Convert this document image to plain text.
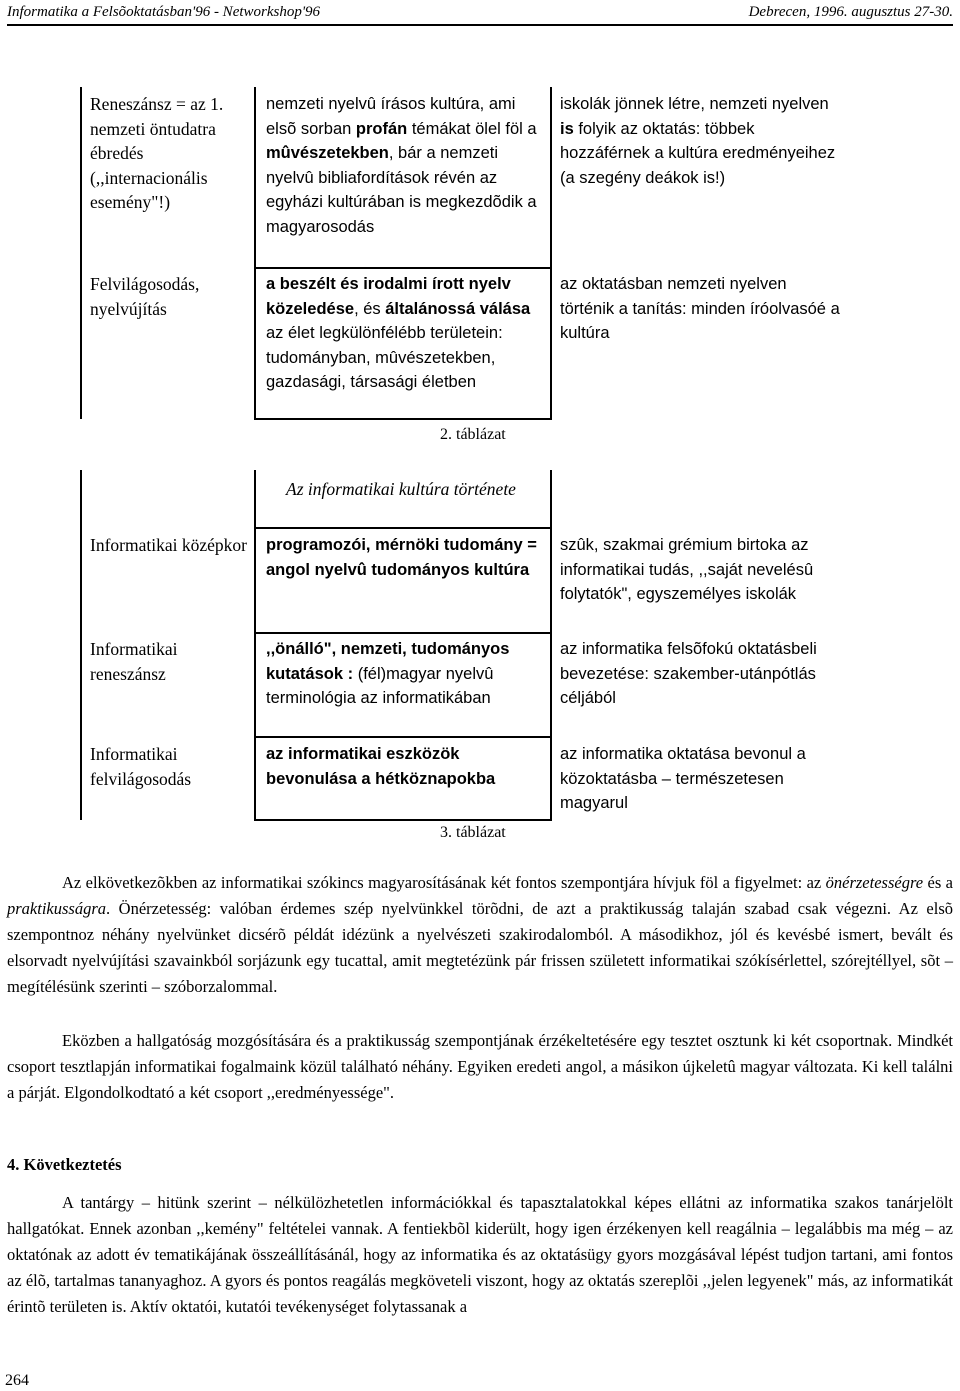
Informatika a Felsõoktatásban'96 - Networkshop'96	Debrecen, 1996. augusztus 27-30.
Reneszánsz = az 1. nemzeti öntudatra ébredés (,,internacionális esemény"!)
nemzeti nyelvû írásos kultúra, ami elsõ sorban profán témákat ölel föl a mûvészetekben, bár a nemzeti nyelvû bibliafordítások révén az egyházi kultúrában is megkezdõdik a magyarosodás
iskolák jönnek létre, nemzeti nyelven is folyik az oktatás: többek hozzáférnek a kultúra eredményeihez (a szegény deákok is!)
Felvilágosodás, nyelvújítás
a beszélt és irodalmi írott nyelv közeledése, és általánossá válása az élet legkülönfélébb területein: tudományban, mûvészetekben, gazdasági, társasági életben
az oktatásban nemzeti nyelven történik a tanítás: minden íróolvasóé a kultúra
2. táblázat
Az informatikai kultúra története
Informatikai középkor programozói, mérnöki tudomány = angol nyelvû tudományos kultúra
szûk, szakmai grémium birtoka az informatikai tudás, ,,saját nevelésû folytatók", egyszemélyes iskolák
Informatikai reneszánsz
,,önálló", nemzeti, tudományos kutatások : (fél)magyar nyelvû terminológia az informatikában
az informatika felsõfokú oktatásbeli bevezetése: szakember-utánpótlás céljából
Informatikai felvilágosodás
az informatikai eszközök bevonulása a hétköznapokba
az informatika oktatása bevonul a közoktatásba – természetesen magyarul
3. táblázat
Az elkövetkezõkben az informatikai szókincs magyarosításának két fontos szempontjára hívjuk föl a figyelmet: az önérzetességre és a praktikusságra. Önérzetesség: valóban érdemes szép nyelvünkkel törõdni, de azt a praktikusság talaján szabad csak végezni. Az elsõ szempontnoz néhány nyelvünket dicsérõ példát idézünk a nyelvészeti szakirodalomból. A másodikhoz, jól és kevésbé ismert, bevált és elsorvadt nyelvújítási szavainkból sorjázunk egy tucattal, amit megtetézünk pár frissen született informatikai szókísérlettel, szórejtéllyel, sõt – megítélésünk szerinti – szóborzalommal.
Eközben a hallgatóság mozgósítására és a praktikusság szempontjának érzékeltetésére egy tesztet osztunk ki két csoportnak. Mindkét csoport tesztlapján informatikai fogalmaink közül található néhány. Egyiken eredeti angol, a másikon újkeletû magyar változata. Ki kell találni a párját. Elgondolkodtató a két csoport ,,eredményessége".
4. Következtetés
A tantárgy – hitünk szerint – nélkülözhetetlen információkkal és tapasztalatokkal képes ellátni az informatika szakos tanárjelölt hallgatókat. Ennek azonban ,,kemény" feltételei vannak. A fentiekbõl kiderült, hogy igen érzékenyen kell reagálnia – legalábbis ma még – az oktatónak az adott év tematikájának összeállításánál, hogy az informatika és az oktatásügy gyors mozgásával lépést tudjon tartani, ami fontos az élõ, tartalmas tananyaghoz. A gyors és pontos reagálás megköveteli viszont, hogy az oktatás szereplõi ,,jelen legyenek" más, az informatikát érintõ területen is. Aktív oktatói, kutatói tevékenységet folytassanak a
264
